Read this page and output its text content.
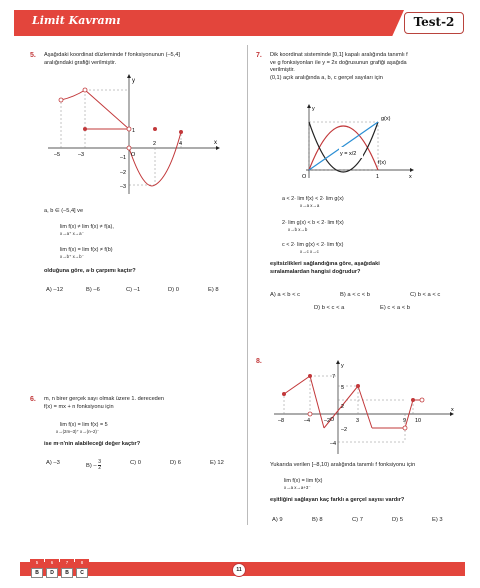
Limit Kavramı	Test-2
5. Aşağıdaki koordinat düzleminde f fonksiyonunun (–5,4]
aralığındaki grafiği verilmiştir.
x
y
–5	–3
2	4
1
–1
–2
–3
O
a, b ∈ (–5,4] ve
lim f(x) ≠ lim f(x) ≠ f(a),
x→a⁺ x→a⁻
lim f(x) = lim f(x) ≠ f(b)
x→b⁺ x→b⁻
olduğuna göre, a·b çarpımı kaçtır?
A) –12	B) –6	C) –1	D) 0	E) 8
6. m, n birer gerçek sayı olmak üzere 1. dereceden
f(x) = mx + n fonksiyonu için
lim f(x) = lim f(x) = 5
x→(2m–3)⁺ x→(n–2)⁻
ise m·n'nin alabileceği değer kaçtır?
A) –3
$B) - \frac{3}{2}$	C) 0	D) 6	E) 12
7. Dik koordinat sisteminde [0,1] kapalı aralığında tanımlı f
ve g fonksiyonları ile y = 2x doğrusunun grafiği aşağıda
verilmiştir.
(0,1) açık aralığında a, b, c gerçel sayıları için
x
y
g(x)
f(x)
y = x/2
O	1
a < 2· lim f(x) < 2· lim g(x)
x→a x→a
2· lim g(x) < b < 2· lim f(x)
x→b x→b
c < 2· lim g(x) < 2· lim f(x)
x→c x→c
eşitsizlikleri sağlandığına göre, aşağıdaki
sıralamalardan hangisi doğrudur?
A) a < b < c	B) a < c < b	C) b < a < c
D) b < c < a	E) c < a < b
8.
x
y
–8	–4	–2	3	9 10
7
5
2
–2
–4
O
Yukarıda verilen [–8,10) aralığında tanımlı f fonksiyonu için
lim f(x) = lim f(x)
x→a x→a+3⁻
eşitliğini sağlayan kaç farklı a gerçel sayısı vardır?
A) 9	B) 8	C) 7	D) 5	E) 3
5	6	7	8
B	D	B	C	11
